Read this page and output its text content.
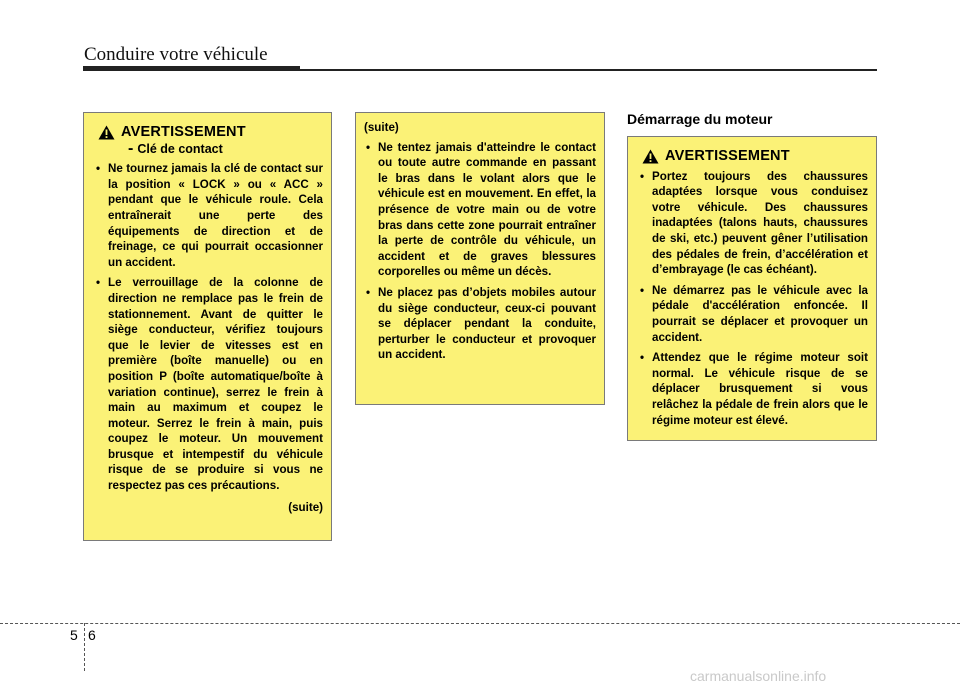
Conduire votre véhicule
AVERTISSEMENT
- Clé de contact
• Ne tournez jamais la clé de contact sur la position « LOCK » ou « ACC » pendant que le véhicule roule. Cela entraînerait une perte des équipements de direction et de freinage, ce qui pourrait occasionner un accident.
• Le verrouillage de la colonne de direction ne remplace pas le frein de stationnement. Avant de quitter le siège conducteur, vérifiez toujours que le levier de vitesses est en première (boîte manuelle) ou en position P (boîte automatique/boîte à variation continue), serrez le frein à main au maximum et coupez le moteur. Serrez le frein à main, puis coupez le moteur. Un mouvement brusque et intempestif du véhicule risque de se produire si vous ne respectez pas ces précautions.
(suite)
(suite)
• Ne tentez jamais d'atteindre le contact ou toute autre commande en passant le bras dans le volant alors que le véhicule est en mouvement. En effet, la présence de votre main ou de votre bras dans cette zone pourrait entraîner la perte de contrôle du véhicule, un accident et de graves blessures corporelles ou même un décès.
• Ne placez pas d’objets mobiles autour du siège conducteur, ceux-ci pouvant se déplacer pendant la conduite, perturber le conducteur et provoquer un accident.
Démarrage du moteur
AVERTISSEMENT
• Portez toujours des chaussures adaptées lorsque vous conduisez votre véhicule. Des chaussures inadaptées (talons hauts, chaussures de ski, etc.) peuvent gêner l’utilisation des pédales de frein, d’accélération et d’embrayage (le cas échéant).
• Ne démarrez pas le véhicule avec la pédale d'accélération enfoncée. Il pourrait se déplacer et provoquer un accident.
• Attendez que le régime moteur soit normal. Le véhicule risque de se déplacer brusquement si vous relâchez la pédale de frein alors que le régime moteur est élevé.
5 6
carmanualsonline.info
